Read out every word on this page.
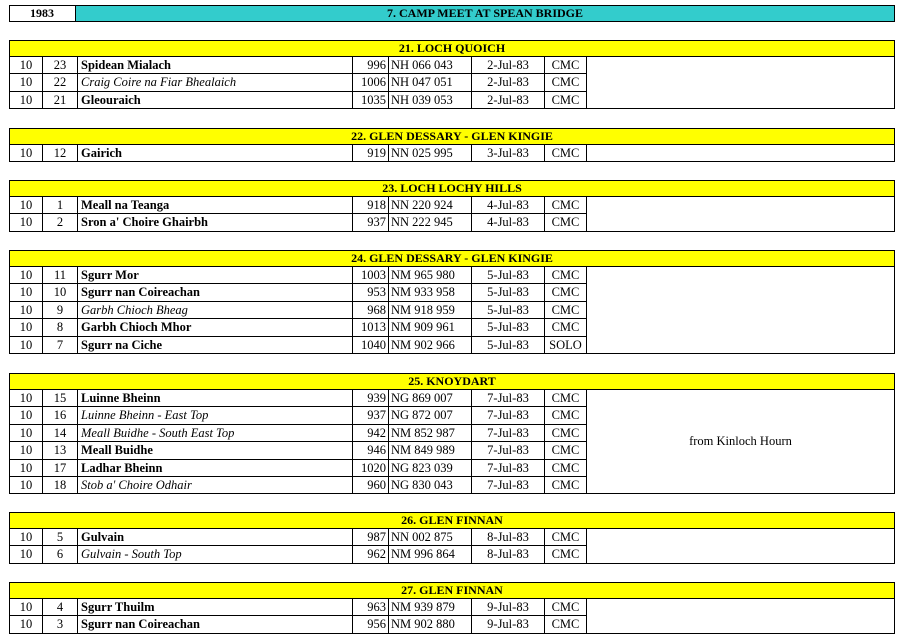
1983	7. CAMP MEET AT SPEAN BRIDGE
21. LOCH QUOICH
10	23	Spidean Mialach	996 NH 066 043	2-Jul-83	CMC
10	22	Craig Coire na Fiar Bhealaich	1006 NH 047 051	2-Jul-83	CMC
10	21	Gleouraich	1035 NH 039 053	2-Jul-83	CMC
22. GLEN DESSARY - GLEN KINGIE
10	12	Gairich	919 NN 025 995	3-Jul-83	CMC
23. LOCH LOCHY HILLS
10	1	Meall na Teanga	918 NN 220 924	4-Jul-83	CMC
10	2	Sron a' Choire Ghairbh	937 NN 222 945	4-Jul-83	CMC
24. GLEN DESSARY - GLEN KINGIE
10	11	Sgurr Mor	1003 NM 965 980	5-Jul-83	CMC
10	10	Sgurr nan Coireachan	953 NM 933 958	5-Jul-83	CMC
10	9	Garbh Chioch Bheag	968 NM 918 959	5-Jul-83	CMC
10	8	Garbh Chioch Mhor	1013 NM 909 961	5-Jul-83	CMC
10	7	Sgurr na Ciche	1040 NM 902 966	5-Jul-83	SOLO
25. KNOYDART
10	15	Luinne Bheinn	939 NG 869 007	7-Jul-83	CMC
10	16	Luinne Bheinn - East Top	937 NG 872 007	7-Jul-83	CMC
10	14	Meall Buidhe - South East Top	942 NM 852 987	7-Jul-83	CMC
10	13	Meall Buidhe	946 NM 849 989	7-Jul-83	CMC
10	17	Ladhar Bheinn	1020 NG 823 039	7-Jul-83	CMC
10	18	Stob a' Choire Odhair	960 NG 830 043	7-Jul-83	CMC
from Kinloch Hourn
26. GLEN FINNAN
10	5	Gulvain	987 NN 002 875	8-Jul-83	CMC
10	6	Gulvain - South Top	962 NM 996 864	8-Jul-83	CMC
27. GLEN FINNAN
10	4	Sgurr Thuilm	963 NM 939 879	9-Jul-83	CMC
10	3	Sgurr nan Coireachan	956 NM 902 880	9-Jul-83	CMC
